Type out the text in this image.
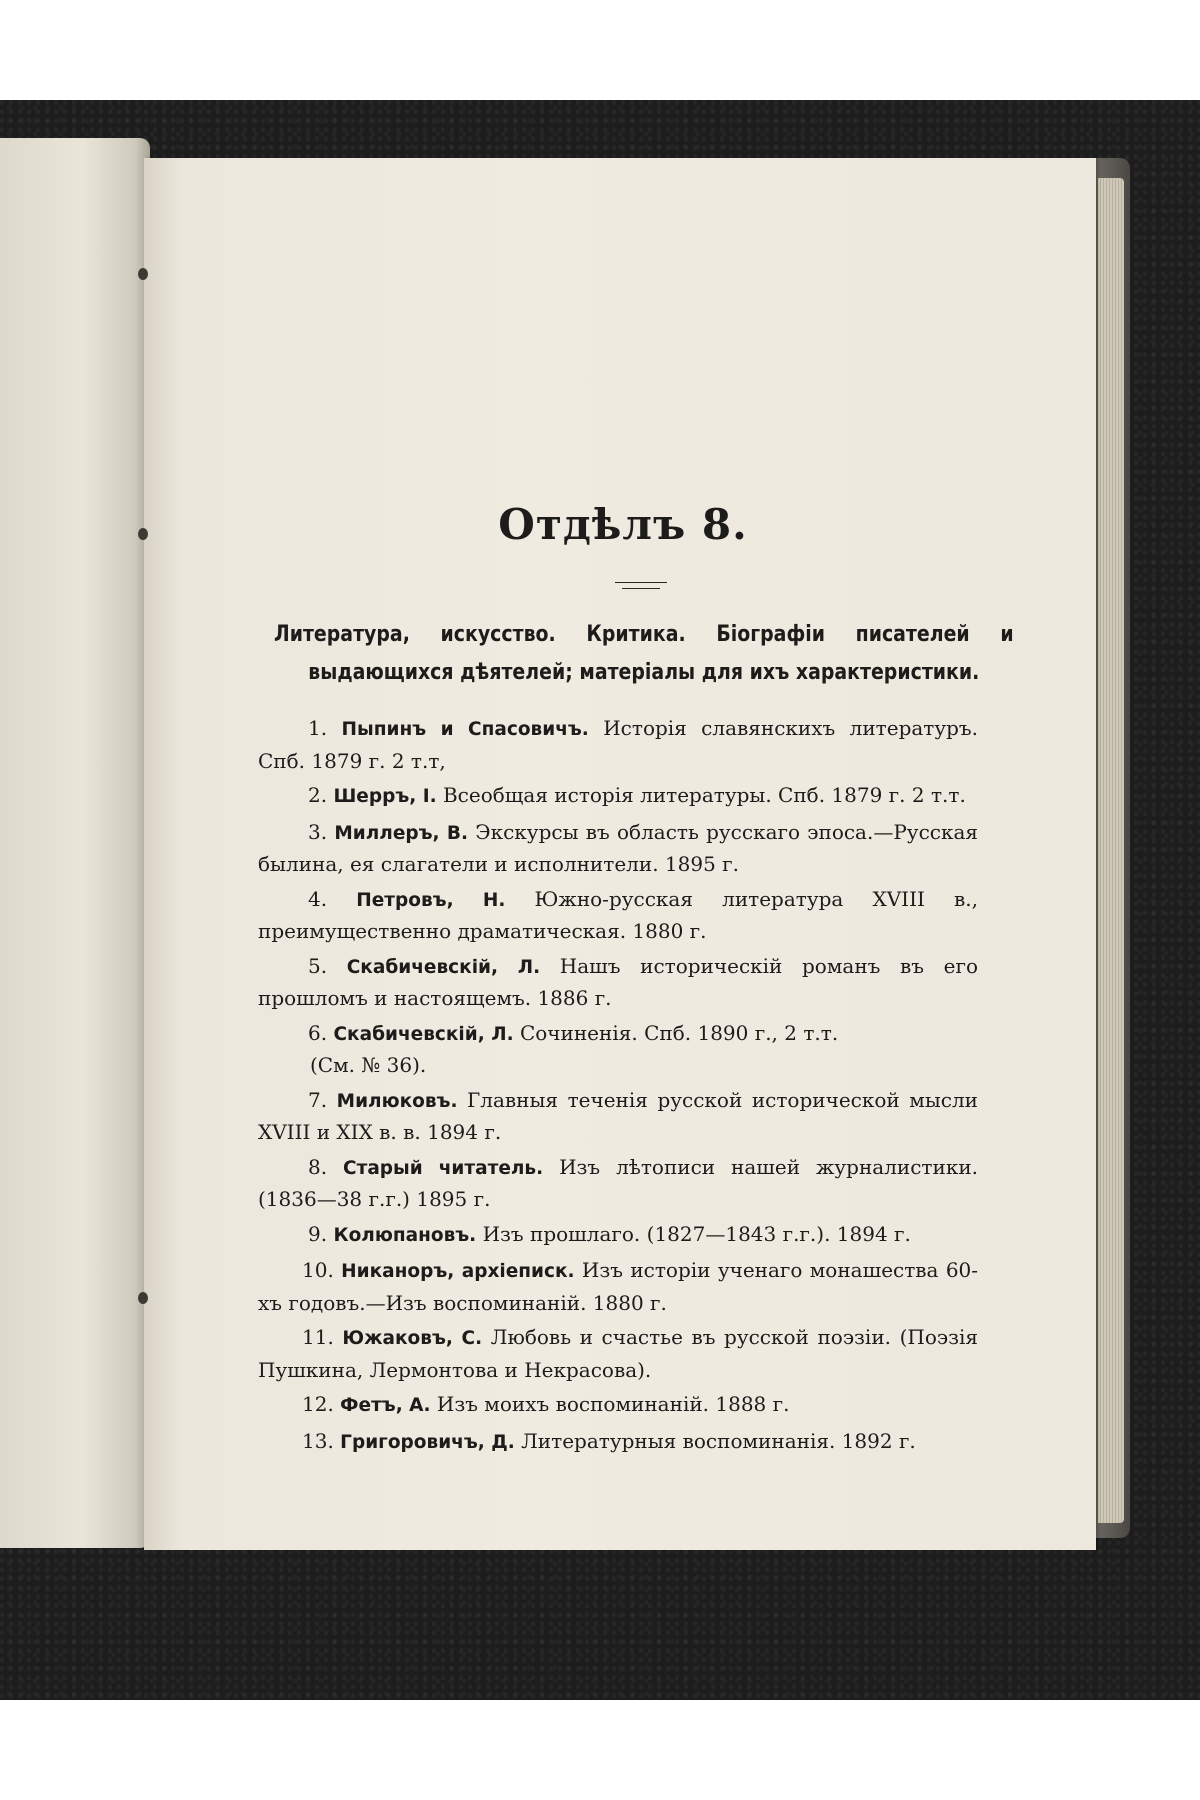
Отдѣлъ 8.
Литература, искусство. Критика. Біографіи писателей и выдающихся дѣятелей; матеріалы для ихъ характеристики.

1. Пыпинъ и Спасовичъ. Исторія славянскихъ литературъ. Спб. 1879 г. 2 т.т,

2. Шерръ, І. Всеобщая исторія литературы. Спб. 1879 г. 2 т.т.

3. Миллеръ, В. Экскурсы въ область русскаго эпоса.—Русская былина, ея слагатели и исполнители. 1895 г.

4. Петровъ, Н. Южно-русская литература XVIII в., преимущественно драматическая. 1880 г.

5. Скабичевскій, Л. Нашъ историческій романъ въ его прошломъ и настоящемъ. 1886 г.

6. Скабичевскій, Л. Сочиненія. Спб. 1890 г., 2 т.т.
(См. № 36).

7. Милюковъ. Главныя теченія русской исторической мысли XVIII и XIX в. в. 1894 г.

8. Старый читатель. Изъ лѣтописи нашей журналистики. (1836—38 г.г.) 1895 г.

9. Колюпановъ. Изъ прошлаго. (1827—1843 г.г.). 1894 г.

10. Никаноръ, архіеписк. Изъ исторіи ученаго монашества 60-хъ годовъ.—Изъ воспоминаній. 1880 г.

11. Южаковъ, С. Любовь и счастье въ русской поэзіи. (Поэзія Пушкина, Лермонтова и Некрасова).

12. Фетъ, А. Изъ моихъ воспоминаній. 1888 г.

13. Григоровичъ, Д. Литературныя воспоминанія. 1892 г.
